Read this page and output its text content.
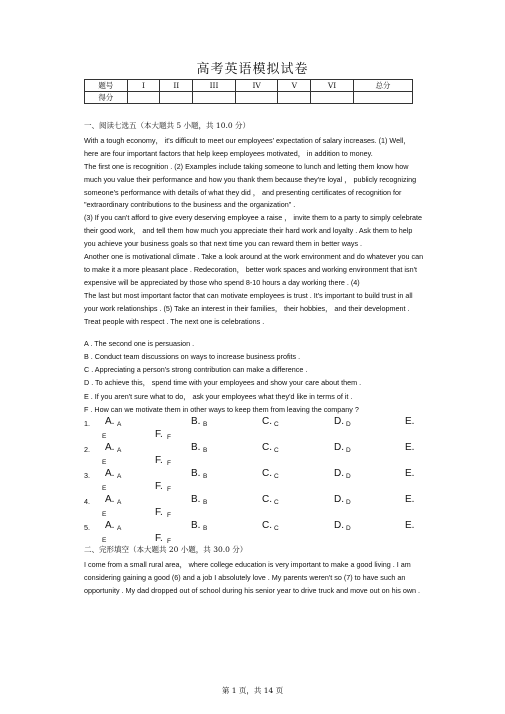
高考英语模拟试卷
题号	I	II	III	IV	V	VI	总分
得分							
一、阅读七选五（本大题共 5 小题，共 10.0 分）

With a tough economy， it's difficult to meet our employees' expectation of salary increases. (1) Well， here are four important factors that help keep employees motivated， in addition to money.

The first one is recognition . (2) Examples include taking someone to lunch and letting them know how much you value their performance and how you thank them because they're loyal ， publicly recognizing someone's performance with details of what they did ， and presenting certificates of recognition for "extraordinary contributions to the business and the organization" .

(3) If you can't afford to give every deserving employee a raise ， invite them to a party to simply celebrate their good work， and tell them how much you appreciate their hard work and loyalty . Ask them to help you achieve your business goals so that next time you can reward them in better ways .

Another one is motivational climate . Take a look around at the work environment and do whatever you can to make it a more pleasant place . Redecoration， better work spaces and working environment that isn't expensive will be appreciated by those who spend 8-10 hours a day working there . (4)

The last but most important factor that can motivate employees is trust . It's important to build trust in all your work relationships . (5) Take an interest in their families， their hobbies， and their development . Treat people with respect . The next one is celebrations .

A . The second one is persuasion .
B . Conduct team discussions on ways to increase business profits .
C . Appreciating a person's strong contribution can make a difference .
D . To achieve this， spend time with your employees and show your care about them .
E . If you aren't sure what to do， ask your employees what they'd like in terms of it .
F . How can we motivate them in other ways to keep them from leaving the company ?
1. A. A	B. B	C. C	D. D	E.
E	F. F
2. A. A	B. B	C. C	D. D	E.
E	F. F
3. A. A	B. B	C. C	D. D	E.
E	F. F
4. A. A	B. B	C. C	D. D	E.
E	F. F
5. A. A	B. B	C. C	D. D	E.
E	F. F
二、完形填空（本大题共 20 小题，共 30.0 分）

I come from a small rural area， where college education is very important to make a good living . I am considering gaining a good (6) and a job I absolutely love . My parents weren't so (7) to have such an opportunity . My dad dropped out of school during his senior year to drive truck and move out on his own .

第 1 页，共 14 页
